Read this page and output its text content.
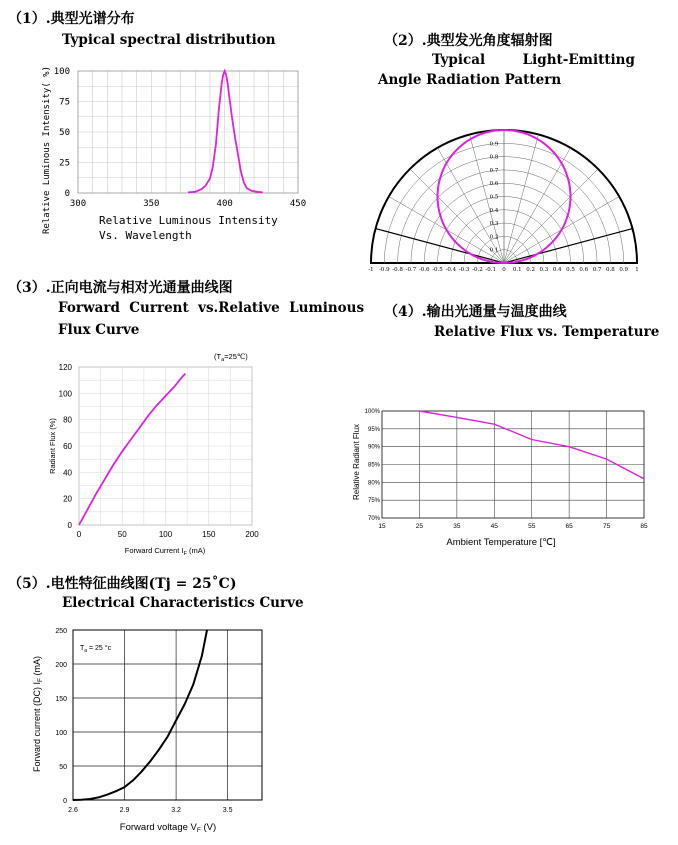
（1）.典型光谱分布
Typical spectral distribution	（2）.典型发光角度辐射图
Typical        Light-Emitting
Angle Radiation Pattern
（3）.正向电流与相对光通量曲线图
Forward  Current  vs.Relative  Luminous
Flux Curve
（4）.输出光通量与温度曲线
Relative Flux vs. Temperature
（5）.电性特征曲线图(Tj = 25˚C)
Electrical Characteristics Curve
Relative Luminous Intensity( %)	Relative Luminous Intensity
Vs. Wavelength
$(T_a=25℃)$
Radiant Flux (%)
Forward Current $I_F$ (mA)
Relative Radiant Flux
Ambient Temperature [℃]
$T_a = 25$ °c
Forward current (DC) $I_F$ (mA)
Forward voltage $V_F$ (V)
300	350	400	450
0
25
50
75
100
0.1
0.2
0.3
0.4
0.5
0.6
0.7
0.8
0.9
-1 -0.9 -0.8 -0.7 -0.6 -0.5 -0.4 -0.3 -0.2 -0.1 0 0.1 0.2 0.3 0.4 0.5 0.6 0.7 0.8 0.9 1
0	50	100	150	200
0
20
40
60
80
100
120
15	25	35	45	55	65	75	85
100%
95%
90%
85%
80%
75%
70%
2.6	2.9	3.2	3.5
0
50
100
150
200
250
